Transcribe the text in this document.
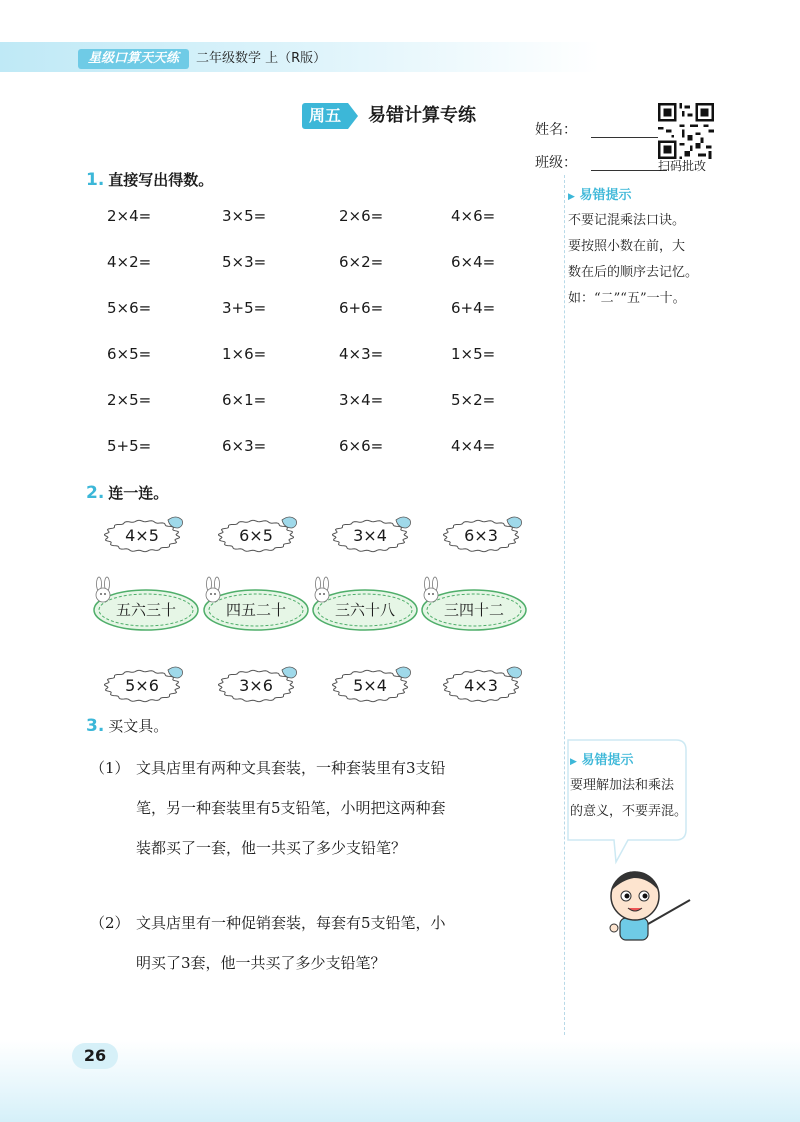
星级口算天天练	二年级数学 上（R版）
周五	易错计算专练
姓名：
班级：	扫码批改
▶ 易错提示
不要记混乘法口诀。
要按照小数在前，大
数在后的顺序去记忆。
如：“二”“五”一十。
▶ 易错提示
要理解加法和乘法
的意义，不要弄混。
1. 直接写出得数。
2×4=	3×5=	2×6=	4×6=
4×2=	5×3=	6×2=	6×4=
5×6=	3+5=	6+6=	6+4=
6×5=	1×6=	4×3=	1×5=
2×5=	6×1=	3×4=	5×2=
5+5=	6×3=	6×6=	4×4=
2. 连一连。
4×5	6×5	3×4	6×3
五六三十	四五二十	三六十八	三四十二
5×6	3×6	5×4	4×3
3. 买文具。
（1） 文具店里有两种文具套装，一种套装里有3支铅
笔，另一种套装里有5支铅笔，小明把这两种套
装都买了一套，他一共买了多少支铅笔？
（2） 文具店里有一种促销套装，每套有5支铅笔，小
明买了3套，他一共买了多少支铅笔？
26
